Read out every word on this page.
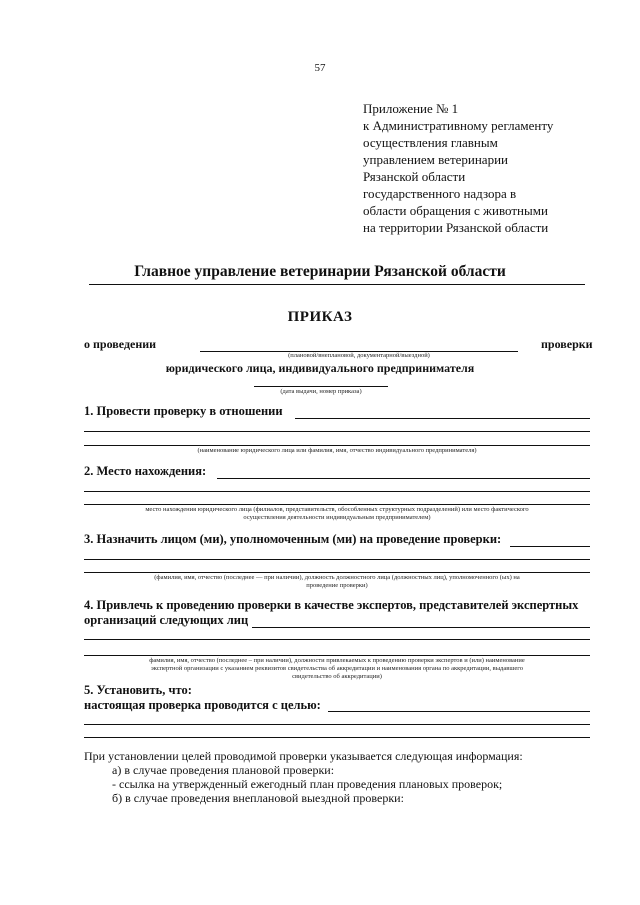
57
Приложение № 1
к Административному регламенту
осуществления главным
управлением ветеринарии
Рязанской области
государственного надзора в
области обращения с животными
на территории Рязанской области
Главное управление ветеринарии Рязанской области
ПРИКАЗ
о проведении	проверки
(плановой/внеплановой, документарной/выездной)
юридического лица, индивидуального предпринимателя
(дата выдачи, номер приказа)
1. Провести проверку в отношении
(наименование юридического лица или фамилия, имя, отчество индивидуального предпринимателя)
2. Место нахождения:
место нахождения юридического лица (филиалов, представительств, обособленных структурных подразделений) или место фактического
осуществления деятельности индивидуальным предпринимателем)
3. Назначить лицом (ми), уполномоченным (ми) на проведение проверки:
(фамилия, имя, отчество (последнее — при наличии), должность должностного лица (должностных лиц), уполномоченного (ых) на
проведение проверки)
4. Привлечь к проведению проверки в качестве экспертов, представителей экспертных
организаций следующих лиц
фамилия, имя, отчество (последнее – при наличии), должности привлекаемых к проведению проверки экспертов и (или) наименование
экспертной организации с указанием реквизитов свидетельства об аккредитации и наименования органа по аккредитации, выдавшего
свидетельство об аккредитации)
5. Установить, что:
настоящая проверка проводится с целью:
При установлении целей проводимой проверки указывается следующая информация:
а) в случае проведения плановой проверки:
- ссылка на утвержденный ежегодный план проведения плановых проверок;
б) в случае проведения внеплановой выездной проверки:
